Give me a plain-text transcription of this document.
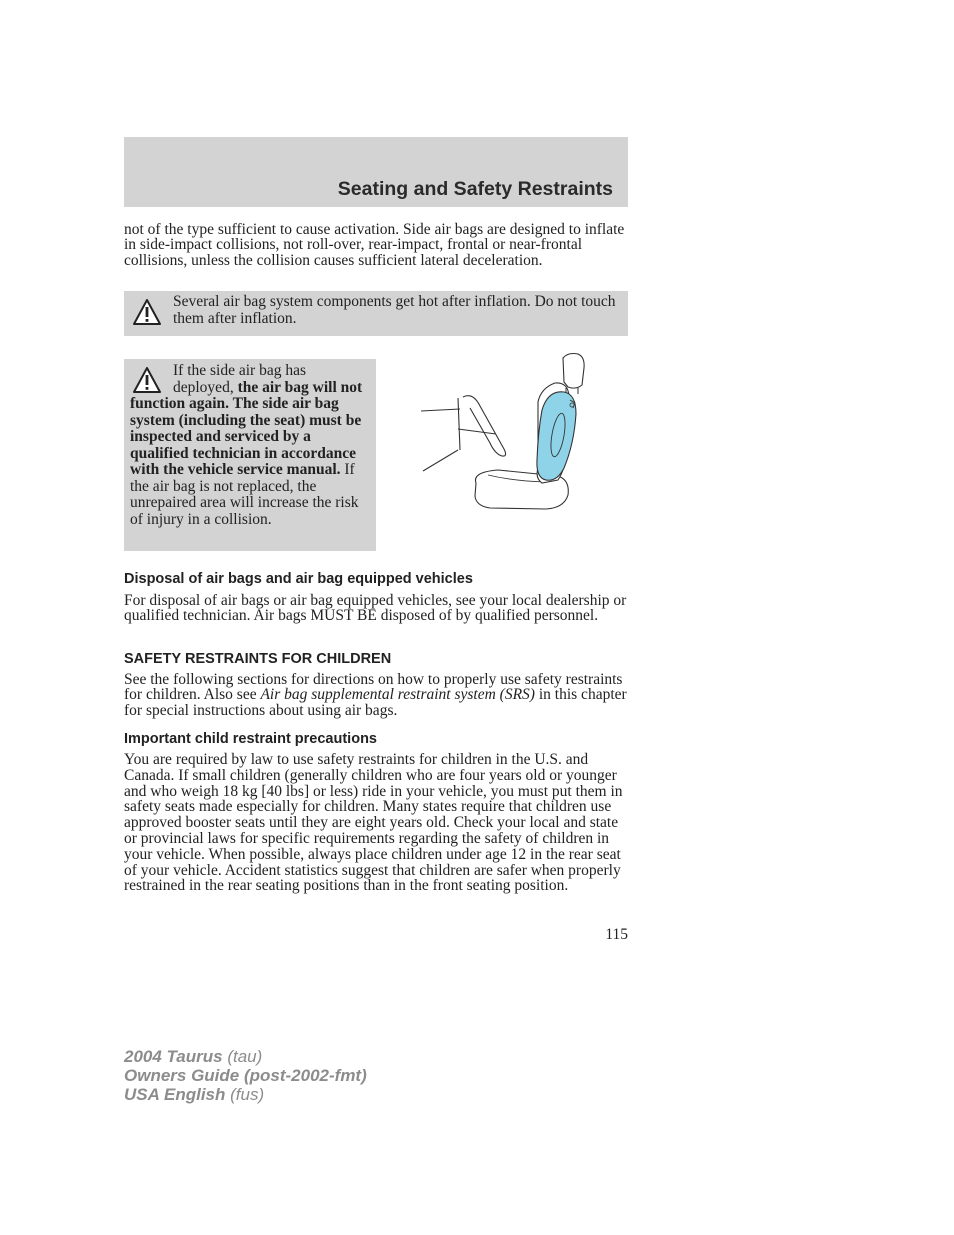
Seating and Safety Restraints
not of the type sufficient to cause activation. Side air bags are designed to inflate in side-impact collisions, not roll-over, rear-impact, frontal or near-frontal collisions, unless the collision causes sufficient lateral deceleration.
Several air bag system components get hot after inflation. Do not touch them after inflation.
If the side air bag has deployed, the air bag will not function again. The side air bag system (including the seat) must be inspected and serviced by a qualified technician in accordance with the vehicle service manual. If the air bag is not replaced, the unrepaired area will increase the risk of injury in a collision.
Disposal of air bags and air bag equipped vehicles
For disposal of air bags or air bag equipped vehicles, see your local dealership or qualified technician. Air bags MUST BE disposed of by qualified personnel.
SAFETY RESTRAINTS FOR CHILDREN
See the following sections for directions on how to properly use safety restraints for children. Also see Air bag supplemental restraint system (SRS) in this chapter for special instructions about using air bags.
Important child restraint precautions
You are required by law to use safety restraints for children in the U.S. and Canada. If small children (generally children who are four years old or younger and who weigh 18 kg [40 lbs] or less) ride in your vehicle, you must put them in safety seats made especially for children. Many states require that children use approved booster seats until they are eight years old. Check your local and state or provincial laws for specific requirements regarding the safety of children in your vehicle. When possible, always place children under age 12 in the rear seat of your vehicle. Accident statistics suggest that children are safer when properly restrained in the rear seating positions than in the front seating position.
115
2004 Taurus (tau)
Owners Guide (post-2002-fmt)
USA English (fus)
